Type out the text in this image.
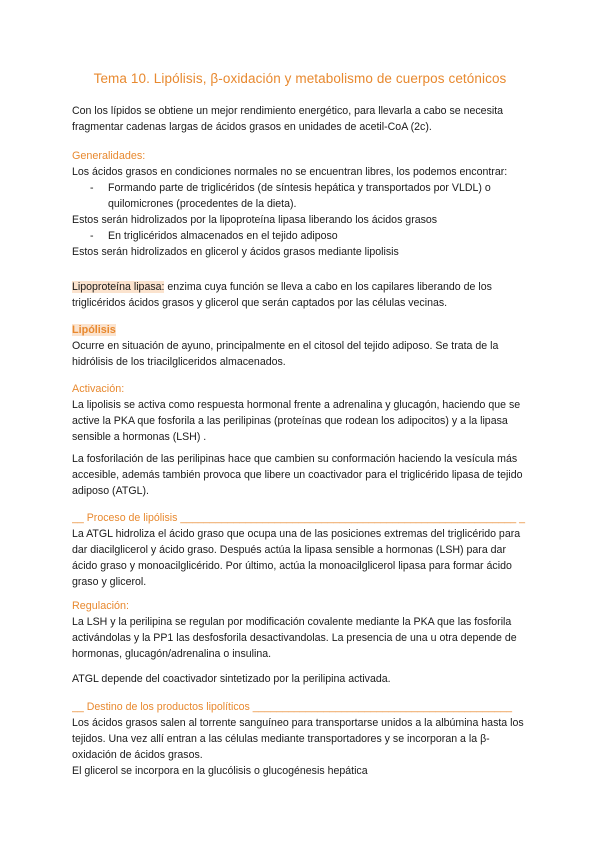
Tema 10. Lipólisis, β-oxidación y metabolismo de cuerpos cetónicos

Con los lípidos se obtiene un mejor rendimiento energético, para llevarla a cabo se necesita fragmentar cadenas largas de ácidos grasos en unidades de acetil-CoA (2c).

Generalidades:

Los ácidos grasos en condiciones normales no se encuentran libres, los podemos encontrar:

- Formando parte de triglicéridos (de síntesis hepática y transportados por VLDL) o quilomicrones (procedentes de la dieta).

Estos serán hidrolizados por la lipoproteína lipasa liberando los ácidos grasos

- En triglicéridos almacenados en el tejido adiposo

Estos serán hidrolizados en glicerol y ácidos grasos mediante lipolisis

Lipoproteína lipasa: enzima cuya función se lleva a cabo en los capilares liberando de los triglicéridos ácidos grasos y glicerol que serán captados por las células vecinas.

Lipólisis

Ocurre en situación de ayuno, principalmente en el citosol del tejido adiposo. Se trata de la hidrólisis de los triacilgliceridos almacenados.

Activación:

La lipolisis se activa como respuesta hormonal frente a adrenalina y glucagón, haciendo que se active la PKA que fosforila a las perilipinas (proteínas que rodean los adipocitos) y a la lipasa sensible a hormonas (LSH) .

La fosforilación de las perilipinas hace que cambien su conformación haciendo la vesícula más accesible, además también provoca que libere un coactivador para el triglicérido lipasa de tejido adiposo (ATGL).

__ Proceso de lipólisis _________________________________________________________ _

La ATGL hidroliza el ácido graso que ocupa una de las posiciones extremas del triglicérido para dar diacilglicerol y ácido graso. Después actúa la lipasa sensible a hormonas (LSH) para dar ácido graso y monoacilglicérido. Por último, actúa la monoacilglicerol lipasa para formar ácido graso y glicerol.

Regulación:

La LSH y la perilipina se regulan por modificación covalente mediante la PKA que las fosforila activándolas y la PP1 las desfosforila desactivandolas. La presencia de una u otra depende de hormonas, glucagón/adrenalina o insulina.

ATGL depende del coactivador sintetizado por la perilipina activada.

__ Destino de los productos lipolíticos ____________________________________________

Los ácidos grasos salen al torrente sanguíneo para transportarse unidos a la albúmina hasta los tejidos. Una vez allí entran a las células mediante transportadores y se incorporan a la β-oxidación de ácidos grasos.

El glicerol se incorpora en la glucólisis o glucogénesis hepática
